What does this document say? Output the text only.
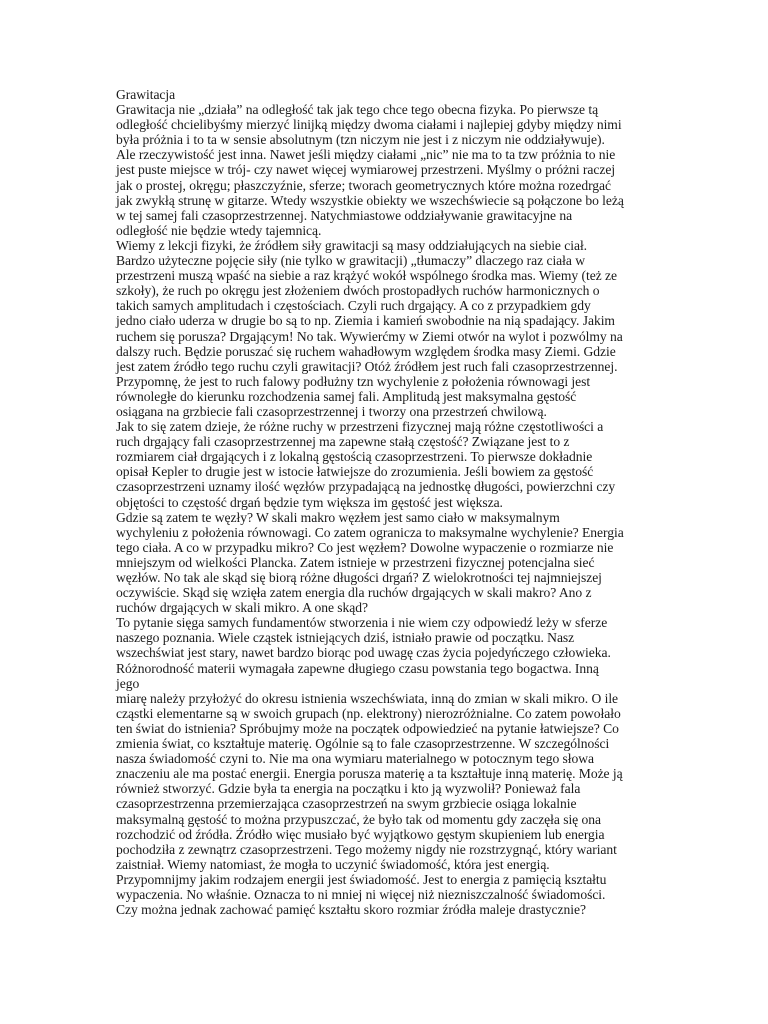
Grawitacja
Grawitacja nie „działa” na odległość tak jak tego chce tego obecna fizyka. Po pierwsze tą
odległość chcielibyśmy mierzyć linijką między dwoma ciałami i najlepiej gdyby między nimi
była próżnia i to ta w sensie absolutnym (tzn niczym nie jest i z niczym nie oddziaływuje).
Ale rzeczywistość jest inna. Nawet jeśli między ciałami „nic” nie ma to ta tzw próżnia to nie
jest puste miejsce w trój- czy nawet więcej wymiarowej przestrzeni. Myślmy o próżni raczej
jak o prostej, okręgu; płaszczyźnie, sferze; tworach geometrycznych które można rozedrgać
jak zwykłą strunę w gitarze. Wtedy wszystkie obiekty we wszechświecie są połączone bo leżą
w tej samej fali czasoprzestrzennej. Natychmiastowe oddziaływanie grawitacyjne na
odległość nie będzie wtedy tajemnicą.
Wiemy z lekcji fizyki, że źródłem siły grawitacji są masy oddziałujących na siebie ciał.
Bardzo użyteczne pojęcie siły (nie tylko w grawitacji) „tłumaczy” dlaczego raz ciała w
przestrzeni muszą wpaść na siebie a raz krążyć wokół wspólnego środka mas. Wiemy (też ze
szkoły), że ruch po okręgu jest złożeniem dwóch prostopadłych ruchów harmonicznych o
takich samych amplitudach i częstościach. Czyli ruch drgający. A co z przypadkiem gdy
jedno ciało uderza w drugie bo są to np. Ziemia i kamień swobodnie na nią spadający. Jakim
ruchem się porusza? Drgającym! No tak. Wywierćmy w Ziemi otwór na wylot i pozwólmy na
dalszy ruch. Będzie poruszać się ruchem wahadłowym względem środka masy Ziemi. Gdzie
jest zatem źródło tego ruchu czyli grawitacji? Otóż źródłem jest ruch fali czasoprzestrzennej.
Przypomnę, że jest to ruch falowy podłużny tzn wychylenie z położenia równowagi jest
równoległe do kierunku rozchodzenia samej fali. Amplitudą jest maksymalna gęstość
osiągana na grzbiecie fali czasoprzestrzennej i tworzy ona przestrzeń chwilową.
Jak to się zatem dzieje, że różne ruchy w przestrzeni fizycznej mają różne częstotliwości a
ruch drgający fali czasoprzestrzennej ma zapewne stałą częstość? Związane jest to z
rozmiarem ciał drgających i z lokalną gęstością czasoprzestrzeni. To pierwsze dokładnie
opisał Kepler to drugie jest w istocie łatwiejsze do zrozumienia. Jeśli bowiem za gęstość
czasoprzestrzeni uznamy ilość węzłów przypadającą na jednostkę długości, powierzchni czy
objętości to częstość drgań będzie tym większa im gęstość jest większa.
Gdzie są zatem te węzły? W skali makro węzłem jest samo ciało w maksymalnym
wychyleniu z położenia równowagi. Co zatem ogranicza to maksymalne wychylenie? Energia
tego ciała. A co w przypadku mikro? Co jest węzłem? Dowolne wypaczenie o rozmiarze nie
mniejszym od wielkości Plancka. Zatem istnieje w przestrzeni fizycznej potencjalna sieć
węzłów. No tak ale skąd się biorą różne długości drgań? Z wielokrotności tej najmniejszej
oczywiście. Skąd się wzięła zatem energia dla ruchów drgających w skali makro? Ano z
ruchów drgających w skali mikro. A one skąd?
To pytanie sięga samych fundamentów stworzenia i nie wiem czy odpowiedź leży w sferze
naszego poznania. Wiele cząstek istniejących dziś, istniało prawie od początku. Nasz
wszechświat jest stary, nawet bardzo biorąc pod uwagę czas życia pojedyńczego człowieka.
Różnorodność materii wymagała zapewne długiego czasu powstania tego bogactwa. Inną
jego
miarę należy przyłożyć do okresu istnienia wszechświata, inną do zmian w skali mikro. O ile
cząstki elementarne są w swoich grupach (np. elektrony) nierozróżnialne. Co zatem powołało
ten świat do istnienia? Spróbujmy może na początek odpowiedzieć na pytanie łatwiejsze? Co
zmienia świat, co kształtuje materię. Ogólnie są to fale czasoprzestrzenne. W szczególności
nasza świadomość czyni to. Nie ma ona wymiaru materialnego w potocznym tego słowa
znaczeniu ale ma postać energii. Energia porusza materię a ta kształtuje inną materię. Może ją
również stworzyć. Gdzie była ta energia na początku i kto ją wyzwolił? Ponieważ fala
czasoprzestrzenna przemierzająca czasoprzestrzeń na swym grzbiecie osiąga lokalnie
maksymalną gęstość to można przypuszczać, że było tak od momentu gdy zaczęła się ona
rozchodzić od źródła. Źródło więc musiało być wyjątkowo gęstym skupieniem lub energia
pochodziła z zewnątrz czasoprzestrzeni. Tego możemy nigdy nie rozstrzygnąć, który wariant
zaistniał. Wiemy natomiast, że mogła to uczynić świadomość, która jest energią.
Przypomnijmy jakim rodzajem energii jest świadomość. Jest to energia z pamięcią kształtu
wypaczenia. No właśnie. Oznacza to ni mniej ni więcej niż niezniszczalność świadomości.
Czy można jednak zachować pamięć kształtu skoro rozmiar źródła maleje drastycznie?
